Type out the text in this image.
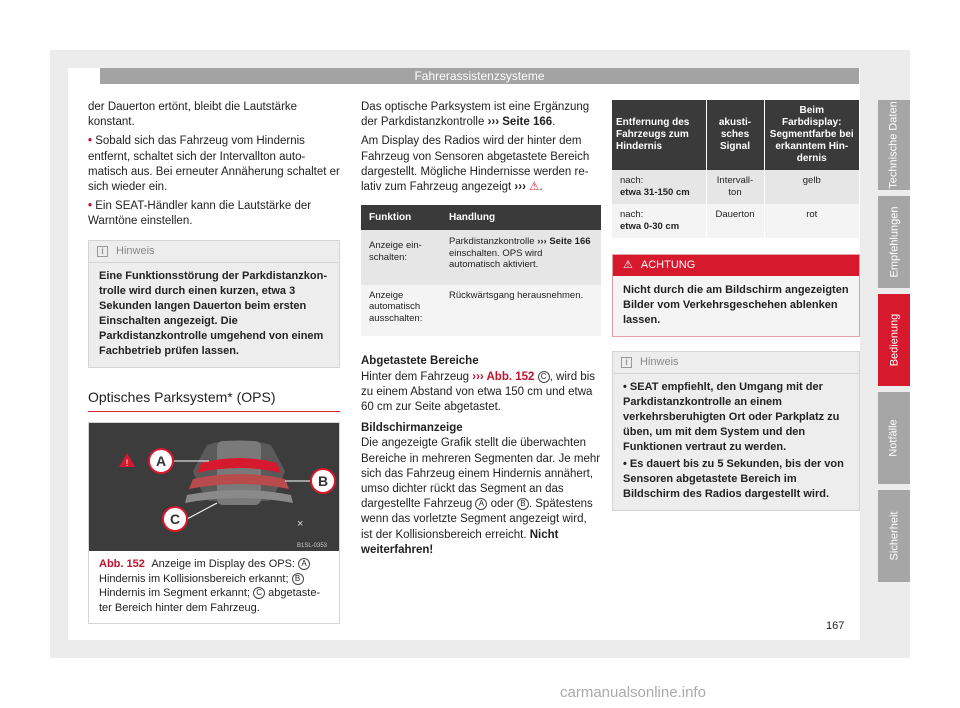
Fahrerassistenzsysteme

der Dauerton ertönt, bleibt die Lautstärke konstant.

• Sobald sich das Fahrzeug vom Hindernis entfernt, schaltet sich der Intervallton automatisch aus. Bei erneuter Annäherung schaltet er sich wieder ein.

• Ein SEAT-Händler kann die Lautstärke der Warntöne einstellen.

i	Hinweis
Eine Funktionsstörung der Parkdistanzkontrolle wird durch einen kurzen, etwa 3 Sekunden langen Dauerton beim ersten Einschalten angezeigt. Die Parkdistanzkontrolle umgehend von einem Fachbetrieb prüfen lassen.
Optisches Parksystem* (OPS)
!
×
A
B
C
B1SL-0353
Abb. 152 Anzeige im Display des OPS: A Hindernis im Kollisionsbereich erkannt; B Hindernis im Segment erkannt; C abgetasteter Bereich hinter dem Fahrzeug.

Das optische Parksystem ist eine Ergänzung der Parkdistanzkontrolle ››› Seite 166.

Am Display des Radios wird der hinter dem Fahrzeug von Sensoren abgetastete Bereich dargestellt. Mögliche Hindernisse werden relativ zum Fahrzeug angezeigt ››› ⚠.

Funktion	Handlung
Anzeige einschalten:	Parkdistanzkontrolle ››› Seite 166 einschalten. OPS wird automatisch aktiviert.
Anzeige automatisch ausschalten:	Rückwärtsgang herausnehmen.
Abgetastete Bereiche

Hinter dem Fahrzeug ››› Abb. 152 C , wird bis zu einem Abstand von etwa 150 cm und etwa 60 cm zur Seite abgetastet.

Bildschirmanzeige

Die angezeigte Grafik stellt die überwachten Bereiche in mehreren Segmenten dar. Je mehr sich das Fahrzeug einem Hindernis annähert, umso dichter rückt das Segment an das dargestellte Fahrzeug A oder B . Spätestens wenn das vorletzte Segment angezeigt wird, ist der Kollisionsbereich erreicht. Nicht weiterfahren!

Entfernung des Fahrzeugs zum Hindernis	akustisches Signal	Beim Farbdisplay: Segmentfarbe bei erkanntem Hindernis
nach:
etwa 31-150 cm	Intervallton	gelb
nach:
etwa 0-30 cm	Dauerton	rot
⚠ ACHTUNG
Nicht durch die am Bildschirm angezeigten Bilder vom Verkehrsgeschehen ablenken lassen.
i	Hinweis

• SEAT empfiehlt, den Umgang mit der Parkdistanzkontrolle an einem verkehrsberuhigten Ort oder Parkplatz zu üben, um mit dem System und den Funktionen vertraut zu werden.

• Es dauert bis zu 5 Sekunden, bis der von Sensoren abgetastete Bereich im Bildschirm des Radios dargestellt wird.

Technische Daten
Empfehlungen
Bedienung
Notfälle
Sicherheit
167
carmanualsonline.info
